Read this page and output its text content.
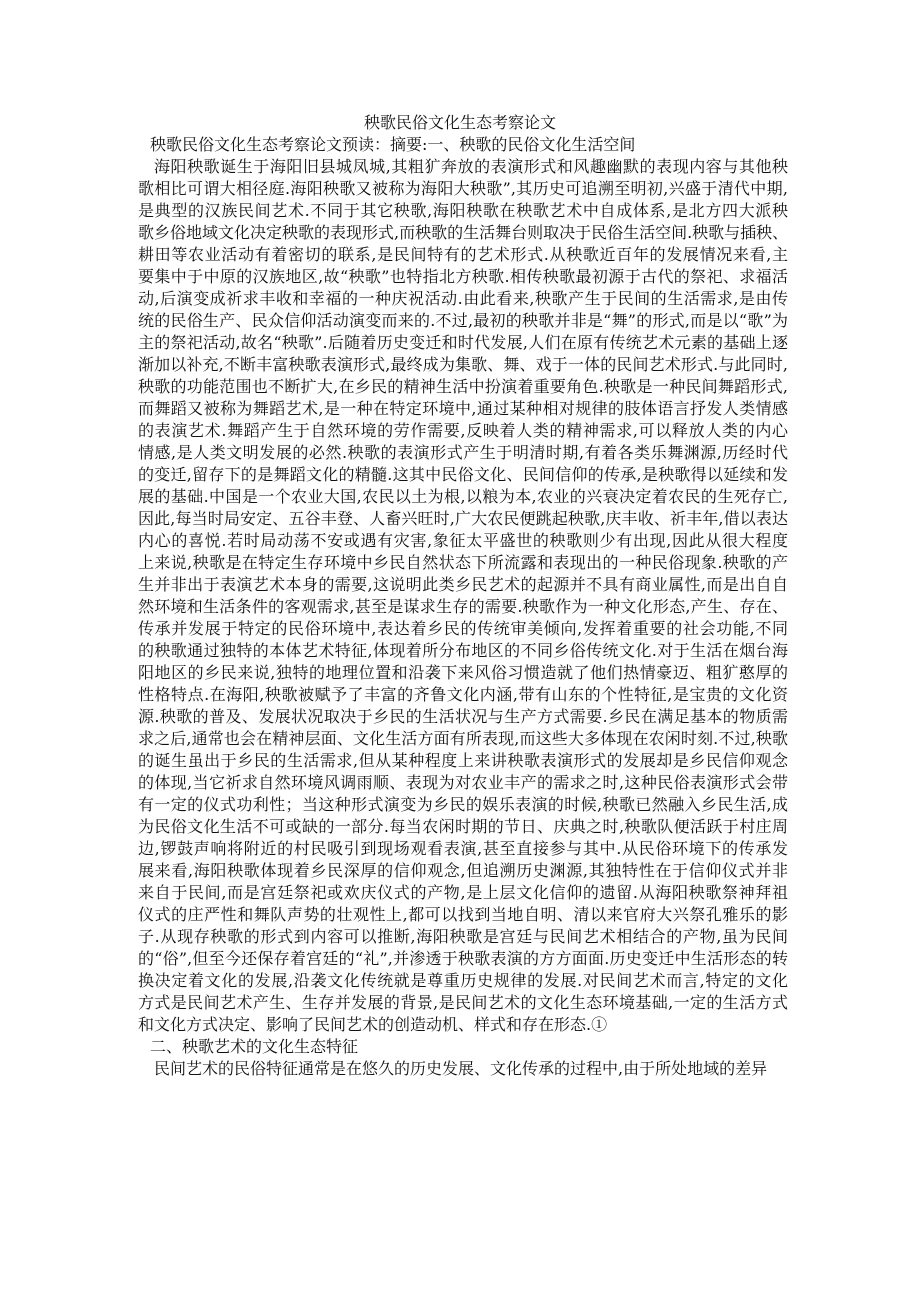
秧歌民俗文化生态考察论文
秧歌民俗文化生态考察论文预读：摘要:一、秧歌的民俗文化生活空间
海阳秧歌诞生于海阳旧县城凤城,其粗犷奔放的表演形式和风趣幽默的表现内容与其他秧
歌相比可谓大相径庭.海阳秧歌又被称为海阳大秧歌”,其历史可追溯至明初,兴盛于清代中期,
是典型的汉族民间艺术.不同于其它秧歌,海阳秧歌在秧歌艺术中自成体系,是北方四大派秧
歌乡俗地域文化决定秧歌的表现形式,而秧歌的生活舞台则取决于民俗生活空间.秧歌与插秧、
耕田等农业活动有着密切的联系,是民间特有的艺术形式.从秧歌近百年的发展情况来看,主
要集中于中原的汉族地区,故“秧歌”也特指北方秧歌.相传秧歌最初源于古代的祭祀、求福活
动,后演变成祈求丰收和幸福的一种庆祝活动.由此看来,秧歌产生于民间的生活需求,是由传
统的民俗生产、民众信仰活动演变而来的.不过,最初的秧歌并非是“舞”的形式,而是以“歌”为
主的祭祀活动,故名“秧歌”.后随着历史变迁和时代发展,人们在原有传统艺术元素的基础上逐
渐加以补充,不断丰富秧歌表演形式,最终成为集歌、舞、戏于一体的民间艺术形式.与此同时,
秧歌的功能范围也不断扩大,在乡民的精神生活中扮演着重要角色.秧歌是一种民间舞蹈形式,
而舞蹈又被称为舞蹈艺术,是一种在特定环境中,通过某种相对规律的肢体语言抒发人类情感
的表演艺术.舞蹈产生于自然环境的劳作需要,反映着人类的精神需求,可以释放人类的内心
情感,是人类文明发展的必然.秧歌的表演形式产生于明清时期,有着各类乐舞渊源,历经时代
的变迁,留存下的是舞蹈文化的精髓.这其中民俗文化、民间信仰的传承,是秧歌得以延续和发
展的基础.中国是一个农业大国,农民以土为根,以粮为本,农业的兴衰决定着农民的生死存亡,
因此,每当时局安定、五谷丰登、人畜兴旺时,广大农民便跳起秧歌,庆丰收、祈丰年,借以表达
内心的喜悦.若时局动荡不安或遇有灾害,象征太平盛世的秧歌则少有出现,因此从很大程度
上来说,秧歌是在特定生存环境中乡民自然状态下所流露和表现出的一种民俗现象.秧歌的产
生并非出于表演艺术本身的需要,这说明此类乡民艺术的起源并不具有商业属性,而是出自自
然环境和生活条件的客观需求,甚至是谋求生存的需要.秧歌作为一种文化形态,产生、存在、
传承并发展于特定的民俗环境中,表达着乡民的传统审美倾向,发挥着重要的社会功能,不同
的秧歌通过独特的本体艺术特征,体现着所分布地区的不同乡俗传统文化.对于生活在烟台海
阳地区的乡民来说,独特的地理位置和沿袭下来风俗习惯造就了他们热情豪迈、粗犷憨厚的
性格特点.在海阳,秧歌被赋予了丰富的齐鲁文化内涵,带有山东的个性特征,是宝贵的文化资
源.秧歌的普及、发展状况取决于乡民的生活状况与生产方式需要.乡民在满足基本的物质需
求之后,通常也会在精神层面、文化生活方面有所表现,而这些大多体现在农闲时刻.不过,秧歌
的诞生虽出于乡民的生活需求,但从某种程度上来讲秧歌表演形式的发展却是乡民信仰观念
的体现,当它祈求自然环境风调雨顺、表现为对农业丰产的需求之时,这种民俗表演形式会带
有一定的仪式功利性；当这种形式演变为乡民的娱乐表演的时候,秧歌已然融入乡民生活,成
为民俗文化生活不可或缺的一部分.每当农闲时期的节日、庆典之时,秧歌队便活跃于村庄周
边,锣鼓声响将附近的村民吸引到现场观看表演,甚至直接参与其中.从民俗环境下的传承发
展来看,海阳秧歌体现着乡民深厚的信仰观念,但追溯历史渊源,其独特性在于信仰仪式并非
来自于民间,而是宫廷祭祀或欢庆仪式的产物,是上层文化信仰的遗留.从海阳秧歌祭神拜祖
仪式的庄严性和舞队声势的壮观性上,都可以找到当地自明、清以来官府大兴祭孔雅乐的影
子.从现存秧歌的形式到内容可以推断,海阳秧歌是宫廷与民间艺术相结合的产物,虽为民间
的“俗”,但至今还保存着宫廷的“礼”,并渗透于秧歌表演的方方面面.历史变迁中生活形态的转
换决定着文化的发展,沿袭文化传统就是尊重历史规律的发展.对民间艺术而言,特定的文化
方式是民间艺术产生、生存并发展的背景,是民间艺术的文化生态环境基础,一定的生活方式
和文化方式决定、影响了民间艺术的创造动机、样式和存在形态.①
二、秧歌艺术的文化生态特征
民间艺术的民俗特征通常是在悠久的历史发展、文化传承的过程中,由于所处地域的差异
